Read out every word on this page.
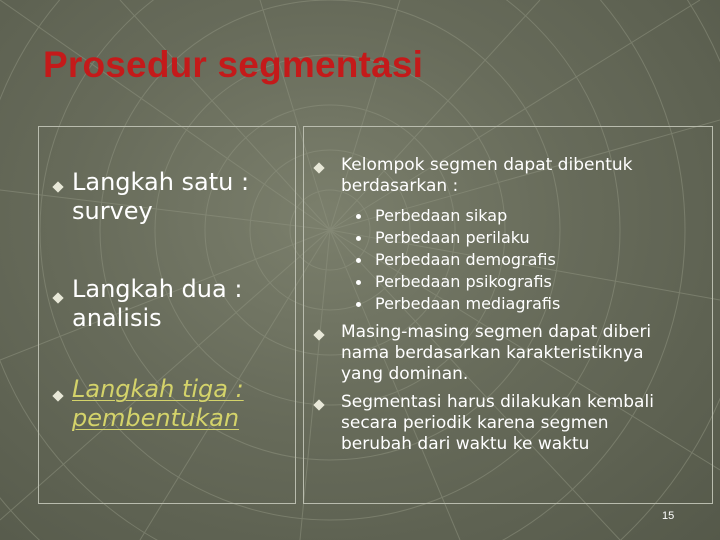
Prosedur segmentasi
Langkah satu : survey
Langkah dua : analisis
Langkah tiga : pembentukan
Kelompok segmen dapat dibentuk berdasarkan :
Perbedaan sikap
Perbedaan perilaku
Perbedaan demografis
Perbedaan psikografis
Perbedaan mediagrafis
Masing-masing segmen dapat diberi nama berdasarkan karakteristiknya yang dominan.
Segmentasi harus dilakukan kembali secara periodik karena segmen berubah dari waktu ke waktu
15
